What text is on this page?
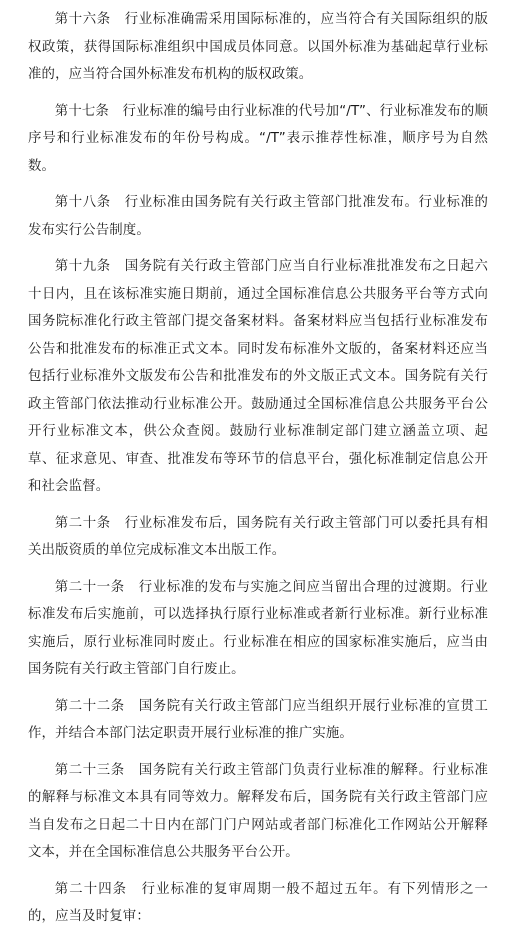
第十六条　行业标准确需采用国际标准的，应当符合有关国际组织的版权政策，获得国际标准组织中国成员体同意。以国外标准为基础起草行业标准的，应当符合国外标准发布机构的版权政策。

第十七条　行业标准的编号由行业标准的代号加“/T”、行业标准发布的顺序号和行业标准发布的年份号构成。“/T”表示推荐性标准，顺序号为自然数。

第十八条　行业标准由国务院有关行政主管部门批准发布。行业标准的发布实行公告制度。

第十九条　国务院有关行政主管部门应当自行业标准批准发布之日起六十日内，且在该标准实施日期前，通过全国标准信息公共服务平台等方式向国务院标准化行政主管部门提交备案材料。备案材料应当包括行业标准发布公告和批准发布的标准正式文本。同时发布标准外文版的，备案材料还应当包括行业标准外文版发布公告和批准发布的外文版正式文本。国务院有关行政主管部门依法推动行业标准公开。鼓励通过全国标准信息公共服务平台公开行业标准文本，供公众查阅。鼓励行业标准制定部门建立涵盖立项、起草、征求意见、审查、批准发布等环节的信息平台，强化标准制定信息公开和社会监督。

第二十条　行业标准发布后，国务院有关行政主管部门可以委托具有相关出版资质的单位完成标准文本出版工作。

第二十一条　行业标准的发布与实施之间应当留出合理的过渡期。行业标准发布后实施前，可以选择执行原行业标准或者新行业标准。新行业标准实施后，原行业标准同时废止。行业标准在相应的国家标准实施后，应当由国务院有关行政主管部门自行废止。

第二十二条　国务院有关行政主管部门应当组织开展行业标准的宣贯工作，并结合本部门法定职责开展行业标准的推广实施。

第二十三条　国务院有关行政主管部门负责行业标准的解释。行业标准的解释与标准文本具有同等效力。解释发布后，国务院有关行政主管部门应当自发布之日起二十日内在部门门户网站或者部门标准化工作网站公开解释文本，并在全国标准信息公共服务平台公开。

第二十四条　行业标准的复审周期一般不超过五年。有下列情形之一的，应当及时复审：
